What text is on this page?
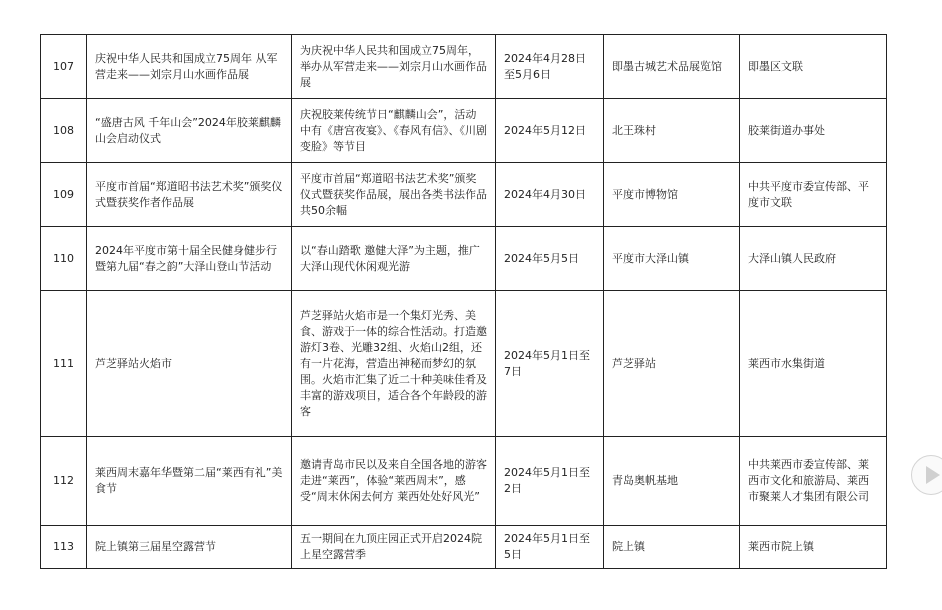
107	庆祝中华人民共和国成立75周年 从军营走来——刘宗月山水画作品展	为庆祝中华人民共和国成立75周年，举办从军营走来——刘宗月山水画作品展	2024年4月28日至5月6日	即墨古城艺术品展览馆	即墨区文联
108	“盛唐古风 千年山会”2024年胶莱麒麟山会启动仪式	庆祝胶莱传统节日“麒麟山会”，活动中有《唐宫夜宴》、《春风有信》、《川剧变脸》等节目	2024年5月12日	北王珠村	胶莱街道办事处
109	平度市首届“郑道昭书法艺术奖”颁奖仪式暨获奖作者作品展	平度市首届“郑道昭书法艺术奖”颁奖仪式暨获奖作品展，展出各类书法作品共50余幅	2024年4月30日	平度市博物馆	中共平度市委宣传部、平度市文联
110	2024年平度市第十届全民健身健步行暨第九届“春之韵”大泽山登山节活动	以“春山踏歌 邀健大泽”为主题，推广大泽山现代休闲观光游	2024年5月5日	平度市大泽山镇	大泽山镇人民政府
111	芦芝驿站火焰市	芦芝驿站火焰市是一个集灯光秀、美食、游戏于一体的综合性活动。打造邀游灯3卷、光雕32组、火焰山2组，还有一片花海，营造出神秘而梦幻的氛围。火焰市汇集了近二十种美味佳肴及丰富的游戏项目，适合各个年龄段的游客	2024年5月1日至7日	芦芝驿站	莱西市水集街道
112	莱西周末嘉年华暨第二届“莱西有礼”美食节	邀请青岛市民以及来自全国各地的游客走进“莱西”，体验“莱西周末”，感受“周末休闲去何方 莱西处处好风光”	2024年5月1日至2日	青岛奥帆基地	中共莱西市委宣传部、莱西市文化和旅游局、莱西市聚莱人才集团有限公司
113	院上镇第三届星空露营节	五一期间在九顶庄园正式开启2024院上星空露营季	2024年5月1日至5日	院上镇	莱西市院上镇
